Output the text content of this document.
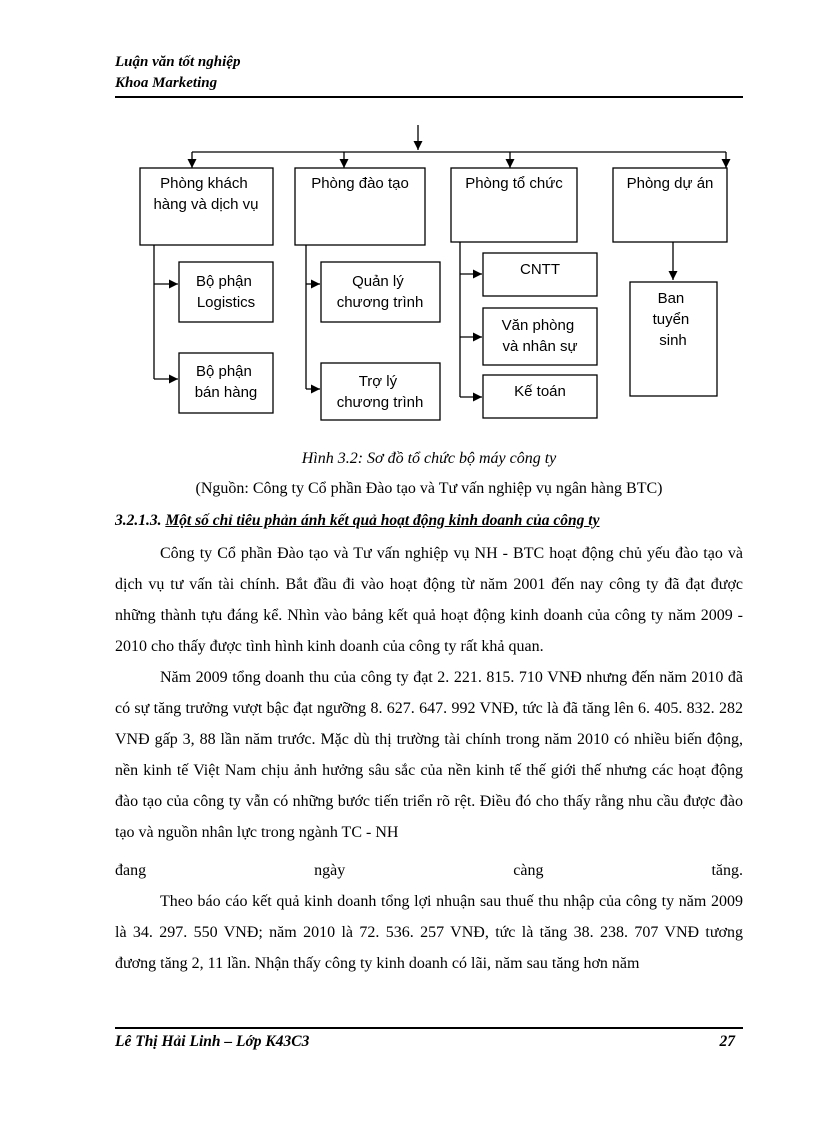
Luận văn tốt nghiệp
Khoa Marketing
Phòng khách hàng và dịch vụ
Phòng đào tạo	Phòng tổ chức	Phòng dự án
Bộ phận Logistics
Bộ phận bán hàng
Quản lý chương trình
Trợ lý chương trình
CNTT
Văn phòng và nhân sự
Kế toán
Ban tuyển sinh
Hình 3.2: Sơ đồ tổ chức bộ máy công ty
(Nguồn: Công ty Cổ phần Đào tạo và Tư vấn nghiệp vụ ngân hàng BTC)
3.2.1.3. Một số chỉ tiêu phản ánh kết quả hoạt động kinh doanh của công ty

Công ty Cổ phần Đào tạo và Tư vấn nghiệp vụ NH - BTC hoạt động chủ yếu đào tạo và dịch vụ tư vấn tài chính. Bắt đầu đi vào hoạt động từ năm 2001 đến nay công ty đã đạt được những thành tựu đáng kể. Nhìn vào bảng kết quả hoạt động kinh doanh của công ty năm 2009 - 2010 cho thấy được tình hình kinh doanh của công ty rất khả quan.

Năm 2009 tổng doanh thu của công ty đạt 2. 221. 815. 710 VNĐ nhưng đến năm 2010 đã có sự tăng trưởng vượt bậc đạt ngưỡng 8. 627. 647. 992 VNĐ, tức là đã tăng lên 6. 405. 832. 282 VNĐ gấp 3, 88 lần năm trước. Mặc dù thị trường tài chính trong năm 2010 có nhiều biến động, nền kinh tế Việt Nam chịu ảnh hưởng sâu sắc của nền kinh tế thế giới thế nhưng các hoạt động đào tạo của công ty vẫn có những bước tiến triển rõ rệt. Điều đó cho thấy rằng nhu cầu được đào tạo và nguồn nhân lực trong ngành TC - NH

đang ngày càng tăng.

Theo báo cáo kết quả kinh doanh tổng lợi nhuận sau thuế thu nhập của công ty năm 2009 là 34. 297. 550 VNĐ; năm 2010 là 72. 536. 257 VNĐ, tức là tăng 38. 238. 707 VNĐ tương đương tăng 2, 11 lần. Nhận thấy công ty kinh doanh có lãi, năm sau tăng hơn năm

Lê Thị Hải Linh – Lớp K43C3	27
